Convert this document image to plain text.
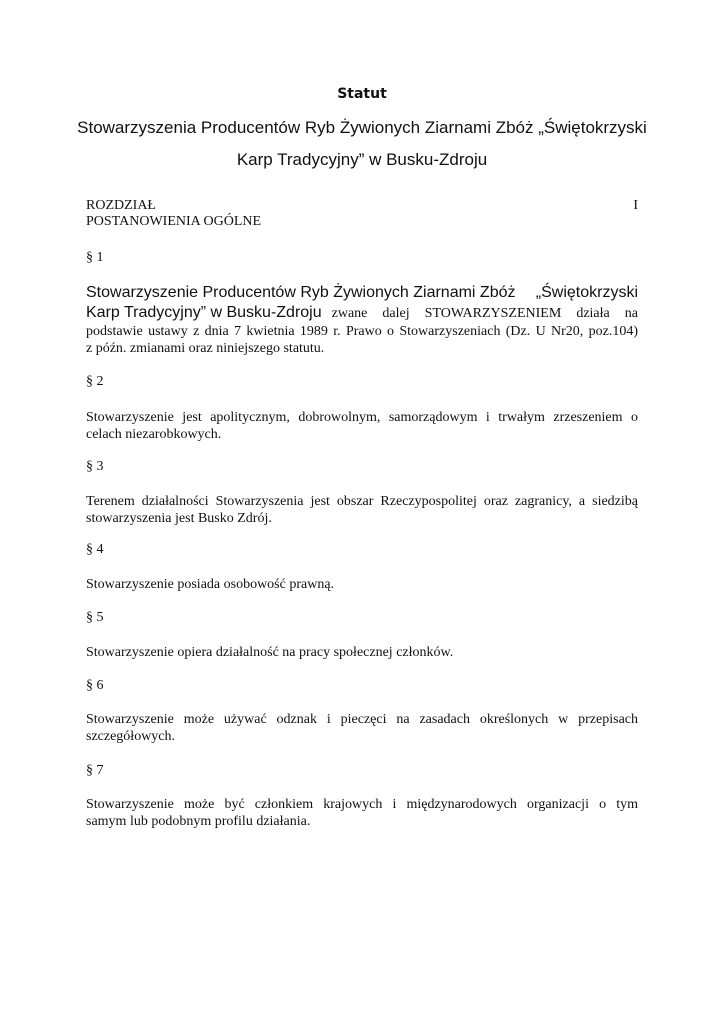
Statut
Stowarzyszenia Producentów Ryb Żywionych Ziarnami Zbóż „Świętokrzyski
Karp Tradycyjny” w Busku-Zdroju
ROZDZIAŁ	I
POSTANOWIENIA OGÓLNE
§ 1
Stowarzyszenie Producentów Ryb Żywionych Ziarnami Zbóż „Świętokrzyski
Karp Tradycyjny” w Busku-Zdroju zwane dalej STOWARZYSZENIEM działa na
podstawie ustawy z dnia 7 kwietnia 1989 r. Prawo o Stowarzyszeniach (Dz. U Nr20, poz.104)
z późn. zmianami oraz niniejszego statutu.
§ 2
Stowarzyszenie jest apolitycznym, dobrowolnym, samorządowym i trwałym zrzeszeniem o
celach niezarobkowych.
§ 3
Terenem działalności Stowarzyszenia jest obszar Rzeczypospolitej oraz zagranicy, a siedzibą
stowarzyszenia jest Busko Zdrój.
§ 4
Stowarzyszenie posiada osobowość prawną.
§ 5
Stowarzyszenie opiera działalność na pracy społecznej członków.
§ 6
Stowarzyszenie może używać odznak i pieczęci na zasadach określonych w przepisach
szczegółowych.
§ 7
Stowarzyszenie może być członkiem krajowych i międzynarodowych organizacji o tym
samym lub podobnym profilu działania.
